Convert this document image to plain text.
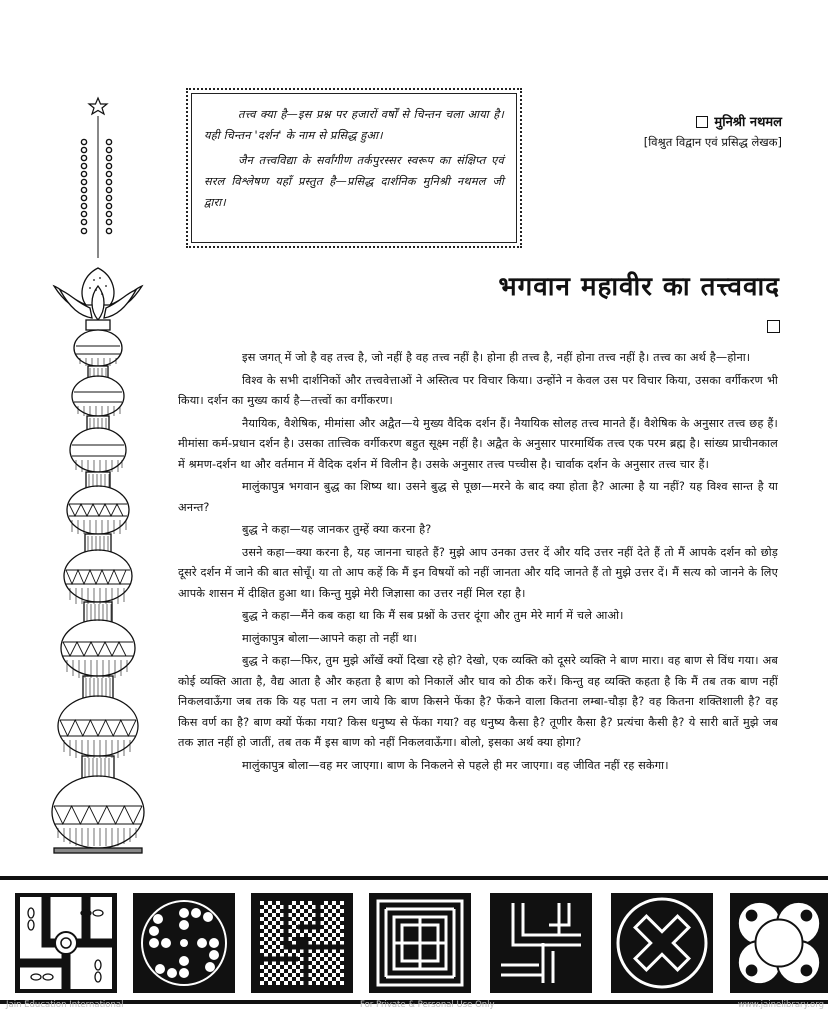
तत्त्व क्या है—इस प्रश्न पर हजारों वर्षों से चिन्तन चला आया है। यही चिन्तन 'दर्शन' के नाम से प्रसिद्ध हुआ।

जैन तत्त्वविद्या के सर्वांगीण तर्कपुरस्सर स्वरूप का संक्षिप्त एवं सरल विश्लेषण यहाँ प्रस्तुत है—प्रसिद्ध दार्शनिक मुनिश्री नथमल जी द्वारा।

मुनिश्री नथमल
[विश्रुत विद्वान एवं प्रसिद्ध लेखक]
भगवान महावीर का तत्त्ववाद

इस जगत् में जो है वह तत्त्व है, जो नहीं है वह तत्त्व नहीं है। होना ही तत्त्व है, नहीं होना तत्त्व नहीं है। तत्त्व का अर्थ है—होना।

विश्व के सभी दार्शनिकों और तत्त्ववेत्ताओं ने अस्तित्व पर विचार किया। उन्होंने न केवल उस पर विचार किया, उसका वर्गीकरण भी किया। दर्शन का मुख्य कार्य है—तत्त्वों का वर्गीकरण।

नैयायिक, वैशेषिक, मीमांसा और अद्वैत—ये मुख्य वैदिक दर्शन हैं। नैयायिक सोलह तत्त्व मानते हैं। वैशेषिक के अनुसार तत्त्व छह हैं। मीमांसा कर्म-प्रधान दर्शन है। उसका तात्त्विक वर्गीकरण बहुत सूक्ष्म नहीं है। अद्वैत के अनुसार पारमार्थिक तत्त्व एक परम ब्रह्म है। सांख्य प्राचीनकाल में श्रमण-दर्शन था और वर्तमान में वैदिक दर्शन में विलीन है। उसके अनुसार तत्त्व पच्चीस है। चार्वाक दर्शन के अनुसार तत्त्व चार हैं।

मालुंकापुत्र भगवान बुद्ध का शिष्य था। उसने बुद्ध से पूछा—मरने के बाद क्या होता है? आत्मा है या नहीं? यह विश्व सान्त है या अनन्त?

बुद्ध ने कहा—यह जानकर तुम्हें क्या करना है?

उसने कहा—क्या करना है, यह जानना चाहते हैं? मुझे आप उनका उत्तर दें और यदि उत्तर नहीं देते हैं तो मैं आपके दर्शन को छोड़ दूसरे दर्शन में जाने की बात सोचूँ। या तो आप कहें कि मैं इन विषयों को नहीं जानता और यदि जानते हैं तो मुझे उत्तर दें। मैं सत्य को जानने के लिए आपके शासन में दीक्षित हुआ था। किन्तु मुझे मेरी जिज्ञासा का उत्तर नहीं मिल रहा है।

बुद्ध ने कहा—मैंने कब कहा था कि मैं सब प्रश्नों के उत्तर दूंगा और तुम मेरे मार्ग में चले आओ।

मालुंकापुत्र बोला—आपने कहा तो नहीं था।

बुद्ध ने कहा—फिर, तुम मुझे आँखें क्यों दिखा रहे हो? देखो, एक व्यक्ति को दूसरे व्यक्ति ने बाण मारा। वह बाण से विंध गया। अब कोई व्यक्ति आता है, वैद्य आता है और कहता है बाण को निकालें और घाव को ठीक करें। किन्तु वह व्यक्ति कहता है कि मैं तब तक बाण नहीं निकलवाऊँगा जब तक कि यह पता न लग जाये कि बाण किसने फेंका है? फेंकने वाला कितना लम्बा-चौड़ा है? वह कितना शक्तिशाली है? वह किस वर्ण का है? बाण क्यों फेंका गया? किस धनुष्य से फेंका गया? वह धनुष्य कैसा है? तूणीर कैसा है? प्रत्यंचा कैसी है? ये सारी बातें मुझे जब तक ज्ञात नहीं हो जातीं, तब तक मैं इस बाण को नहीं निकलवाऊँगा। बोलो, इसका अर्थ क्या होगा?

मालुंकापुत्र बोला—वह मर जाएगा। बाण के निकलने से पहले ही मर जाएगा। वह जीवित नहीं रह सकेगा।

Jain Education International	For Private & Personal Use Only	www.jainelibrary.org
